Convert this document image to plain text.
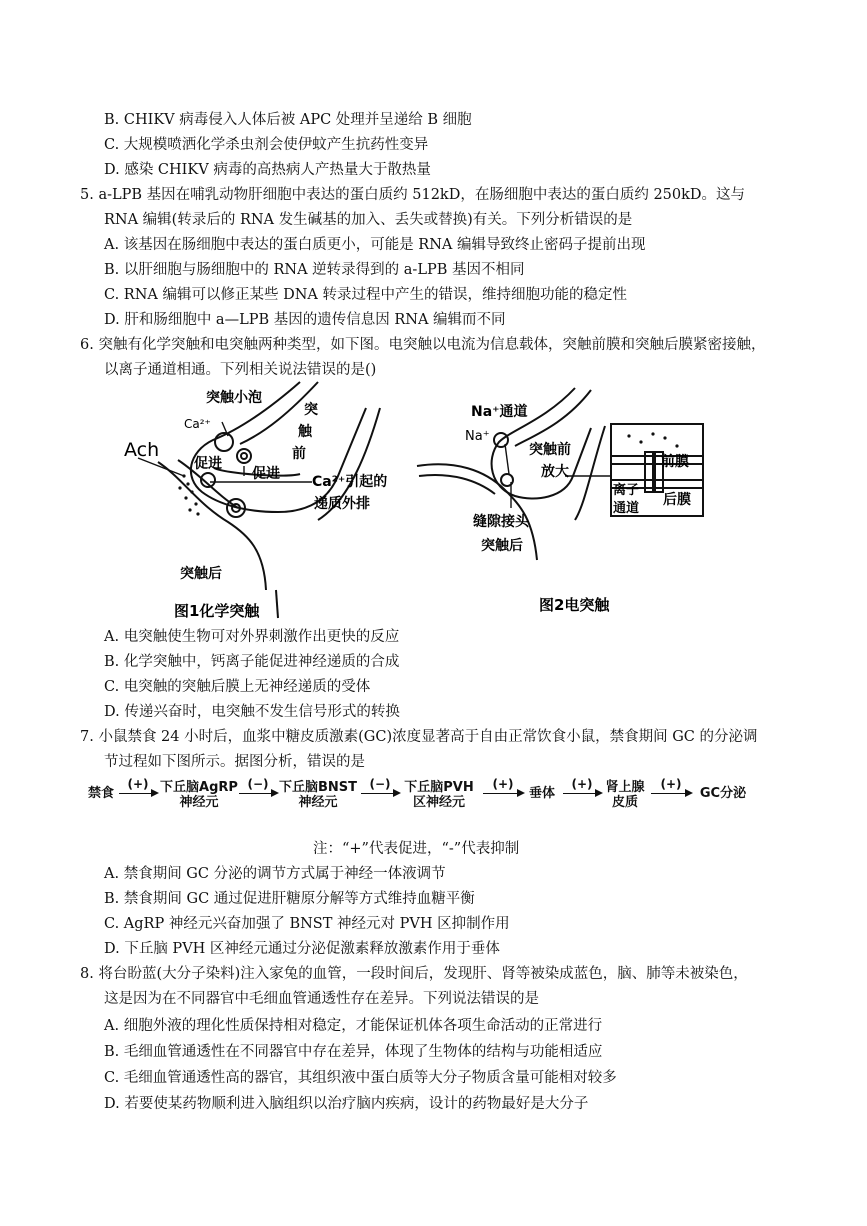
B. CHIKV 病毒侵入人体后被 APC 处理并呈递给 B 细胞
C. 大规模喷洒化学杀虫剂会使伊蚊产生抗药性变异
D. 感染 CHIKV 病毒的高热病人产热量大于散热量
5. a-LPB 基因在哺乳动物肝细胞中表达的蛋白质约 512kD，在肠细胞中表达的蛋白质约 250kD。这与
RNA 编辑(转录后的 RNA 发生碱基的加入、丢失或替换)有关。下列分析错误的是
A. 该基因在肠细胞中表达的蛋白质更小，可能是 RNA 编辑导致终止密码子提前出现
B. 以肝细胞与肠细胞中的 RNA 逆转录得到的 a-LPB 基因不相同
C. RNA 编辑可以修正某些 DNA 转录过程中产生的错误，维持细胞功能的稳定性
D. 肝和肠细胞中 a—LPB 基因的遗传信息因 RNA 编辑而不同
6. 突触有化学突触和电突触两种类型，如下图。电突触以电流为信息载体，突触前膜和突触后膜紧密接触，
以离子通道相通。下列相关说法错误的是()
突触小泡
Ca²⁺
突
触
前
Ach
促进
促进 Ca²⁺引起的
递质外排
突触后
图1化学突触
Na⁺通道
Na⁺
突触前
放大
前膜
离子
通道
后膜
缝隙接头
突触后
图2电突触
A. 电突触使生物可对外界刺激作出更快的反应
B. 化学突触中，钙离子能促进神经递质的合成
C. 电突触的突触后膜上无神经递质的受体
D. 传递兴奋时，电突触不发生信号形式的转换
7. 小鼠禁食 24 小时后，血浆中糖皮质激素(GC)浓度显著高于自由正常饮食小鼠，禁食期间 GC 的分泌调
节过程如下图所示。据图分析，错误的是
禁食
(+) 下丘脑AgRP
神经元
(−) 下丘脑BNST
神经元
(−)	下丘脑PVH
区神经元
(+)
垂体
(+) 肾上腺
皮质
(+)
GC分泌
注：“+”代表促进，“-”代表抑制
A. 禁食期间 GC 分泌的调节方式属于神经一体液调节
B. 禁食期间 GC 通过促进肝糖原分解等方式维持血糖平衡
C. AgRP 神经元兴奋加强了 BNST 神经元对 PVH 区抑制作用
D. 下丘脑 PVH 区神经元通过分泌促激素释放激素作用于垂体
8. 将台盼蓝(大分子染料)注入家兔的血管，一段时间后，发现肝、肾等被染成蓝色，脑、肺等未被染色，
这是因为在不同器官中毛细血管通透性存在差异。下列说法错误的是
A. 细胞外液的理化性质保持相对稳定，才能保证机体各项生命活动的正常进行
B. 毛细血管通透性在不同器官中存在差异，体现了生物体的结构与功能相适应
C. 毛细血管通透性高的器官，其组织液中蛋白质等大分子物质含量可能相对较多
D. 若要使某药物顺利进入脑组织以治疗脑内疾病，设计的药物最好是大分子
